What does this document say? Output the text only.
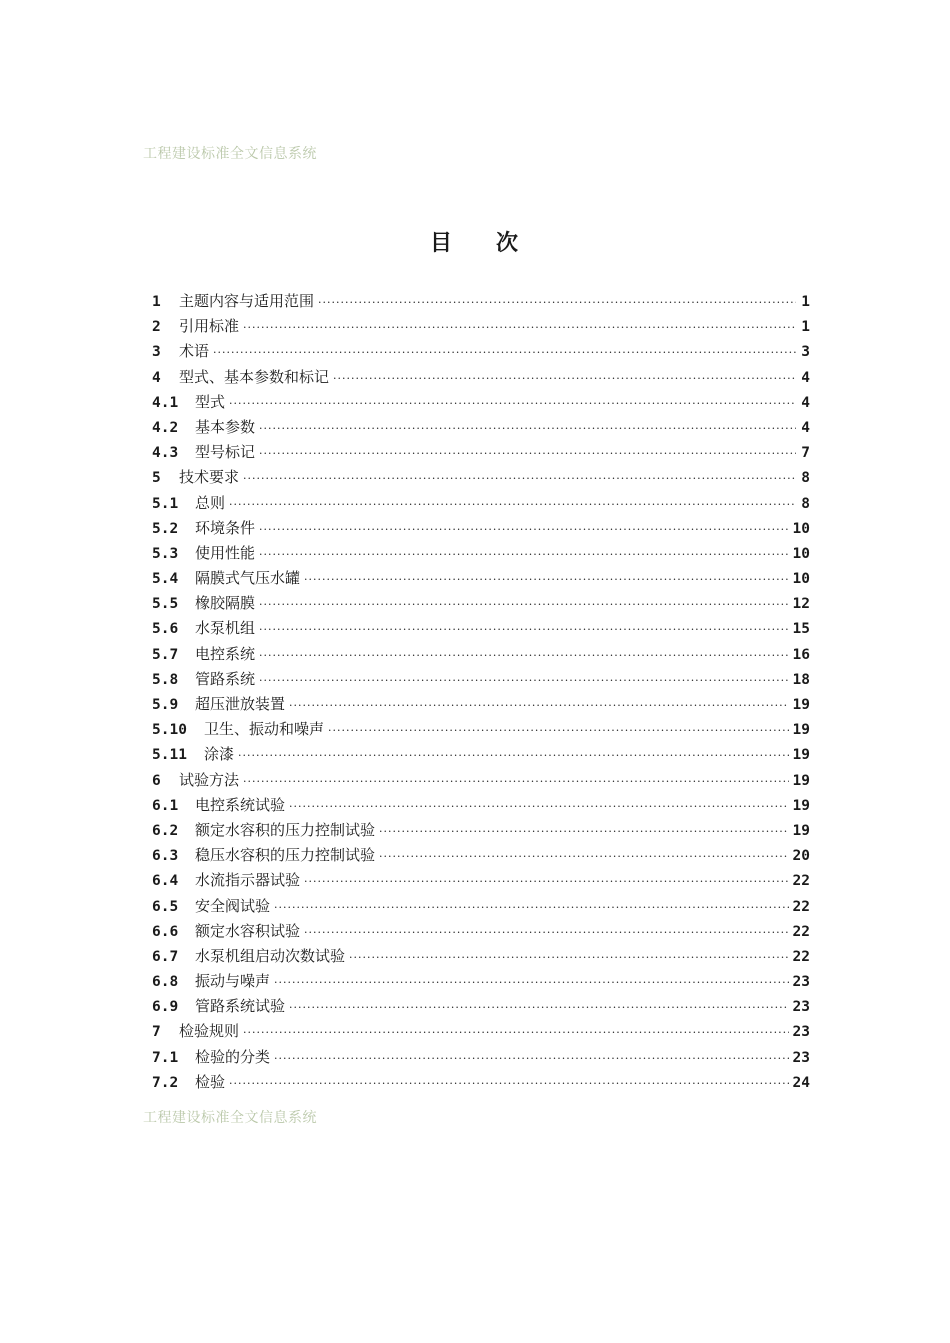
工程建设标准全文信息系统
目 次
1	主题内容与适用范围 ·····	1
2	引用标准 ·····	1
3	术语 ·····	3
4	型式、基本参数和标记 ·····	4
4.1	型式 ·····	4
4.2	基本参数 ·····	4
4.3	型号标记 ·····	7
5	技术要求 ·····	8
5.1	总则 ·····	8
5.2	环境条件 ·····	10
5.3	使用性能 ·····	10
5.4	隔膜式气压水罐 ·····	10
5.5	橡胶隔膜 ·····	12
5.6	水泵机组 ·····	15
5.7	电控系统 ·····	16
5.8	管路系统 ·····	18
5.9	超压泄放装置 ·····	19
5.10	卫生、振动和噪声 ·····	19
5.11	涂漆 ·····	19
6	试验方法 ·····	19
6.1	电控系统试验 ·····	19
6.2	额定水容积的压力控制试验 ·····	19
6.3	稳压水容积的压力控制试验 ·····	20
6.4	水流指示器试验 ·····	22
6.5	安全阀试验 ·····	22
6.6	额定水容积试验 ·····	22
6.7	水泵机组启动次数试验 ·····	22
6.8	振动与噪声 ·····	23
6.9	管路系统试验 ·····	23
7	检验规则 ·····	23
7.1	检验的分类 ·····	23
7.2	检验 ·····	24
工程建设标准全文信息系统
